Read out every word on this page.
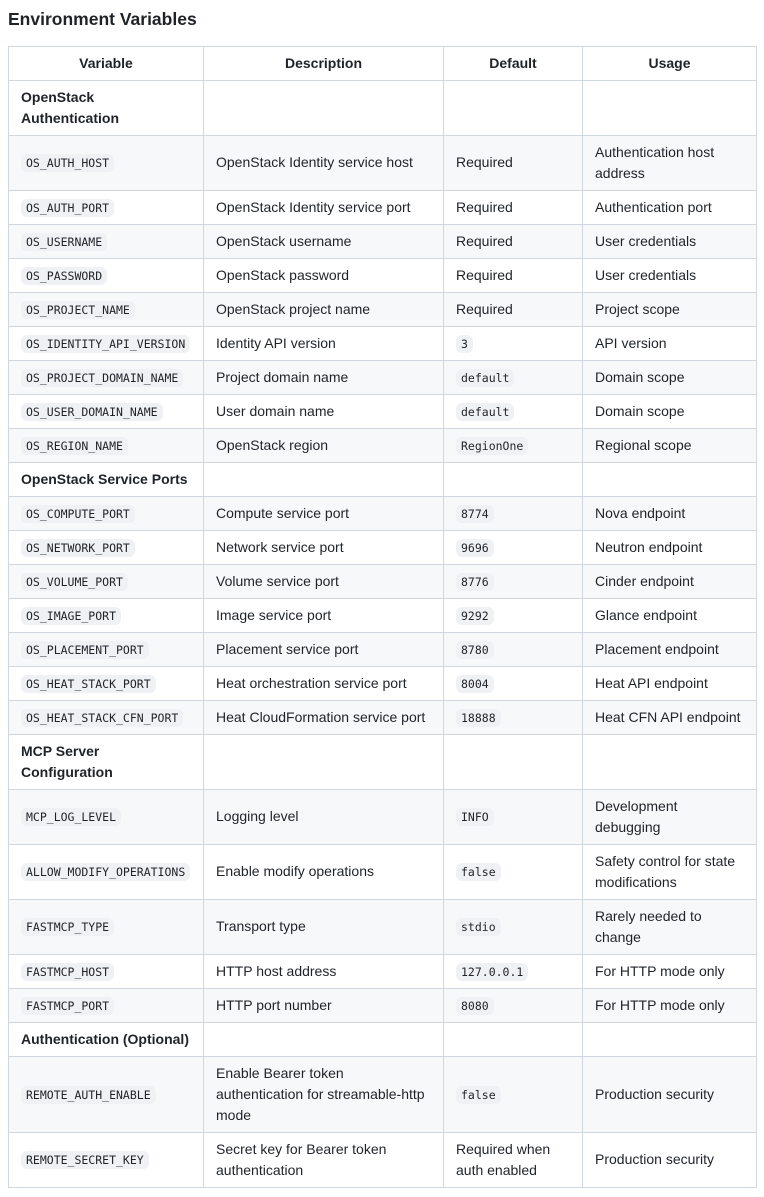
Environment Variables
Variable	Description	Default	Usage
OpenStack Authentication			
OS_AUTH_HOST	OpenStack Identity service host	Required	Authentication host address
OS_AUTH_PORT	OpenStack Identity service port	Required	Authentication port
OS_USERNAME	OpenStack username	Required	User credentials
OS_PASSWORD	OpenStack password	Required	User credentials
OS_PROJECT_NAME	OpenStack project name	Required	Project scope
OS_IDENTITY_API_VERSION	Identity API version	3	API version
OS_PROJECT_DOMAIN_NAME	Project domain name	default	Domain scope
OS_USER_DOMAIN_NAME	User domain name	default	Domain scope
OS_REGION_NAME	OpenStack region	RegionOne	Regional scope
OpenStack Service Ports			
OS_COMPUTE_PORT	Compute service port	8774	Nova endpoint
OS_NETWORK_PORT	Network service port	9696	Neutron endpoint
OS_VOLUME_PORT	Volume service port	8776	Cinder endpoint
OS_IMAGE_PORT	Image service port	9292	Glance endpoint
OS_PLACEMENT_PORT	Placement service port	8780	Placement endpoint
OS_HEAT_STACK_PORT	Heat orchestration service port	8004	Heat API endpoint
OS_HEAT_STACK_CFN_PORT	Heat CloudFormation service port	18888	Heat CFN API endpoint
MCP Server Configuration			
MCP_LOG_LEVEL	Logging level	INFO	Development debugging
ALLOW_MODIFY_OPERATIONS	Enable modify operations	false	Safety control for state modifications
FASTMCP_TYPE	Transport type	stdio	Rarely needed to change
FASTMCP_HOST	HTTP host address	127.0.0.1	For HTTP mode only
FASTMCP_PORT	HTTP port number	8080	For HTTP mode only
Authentication (Optional)			
REMOTE_AUTH_ENABLE	Enable Bearer token authentication for streamable-http mode	false	Production security
REMOTE_SECRET_KEY	Secret key for Bearer token authentication	Required when auth enabled	Production security
